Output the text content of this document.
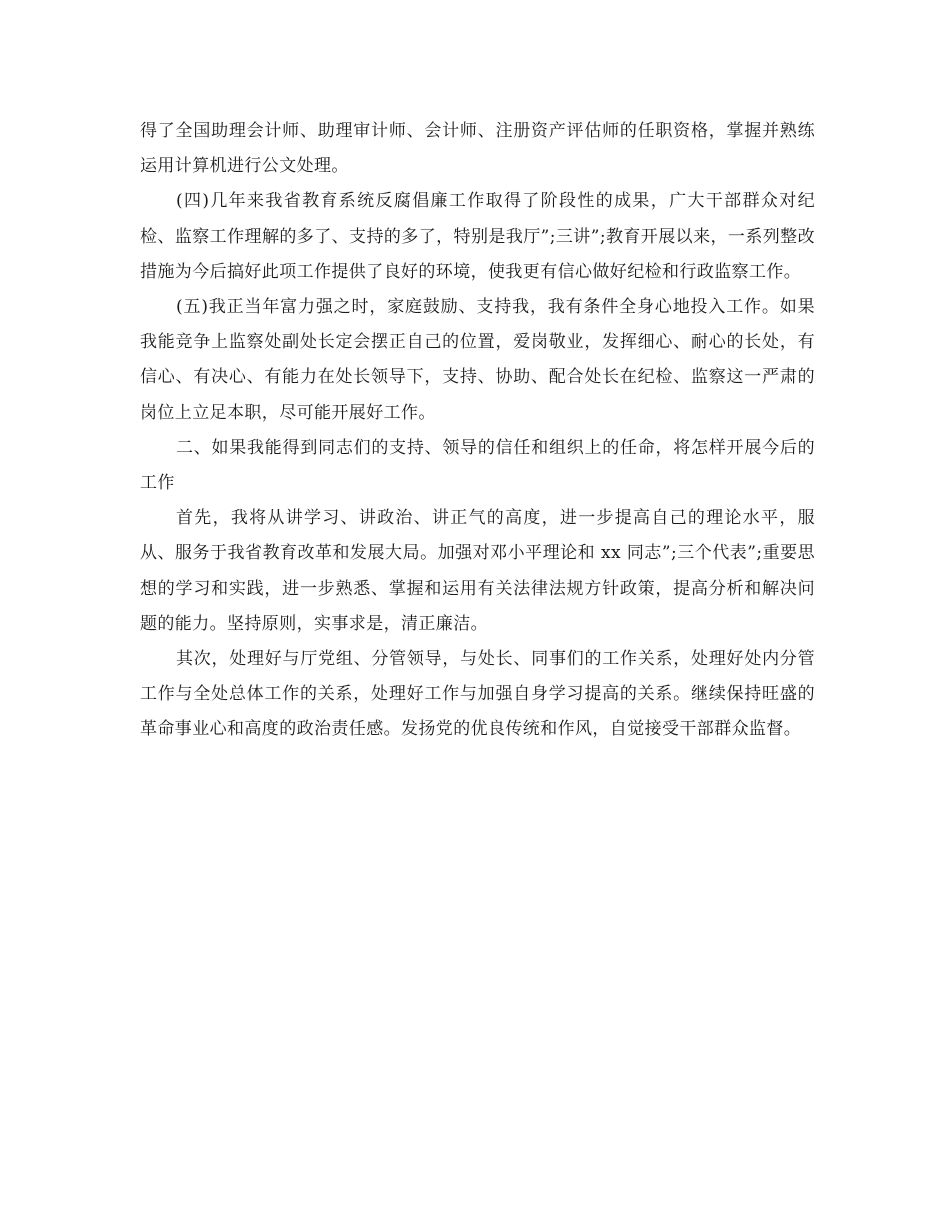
得了全国助理会计师、助理审计师、会计师、注册资产评估师的任职资格，掌握并熟练运用计算机进行公文处理。

(四)几年来我省教育系统反腐倡廉工作取得了阶段性的成果，广大干部群众对纪检、监察工作理解的多了、支持的多了，特别是我厅”;三讲”;教育开展以来，一系列整改措施为今后搞好此项工作提供了良好的环境，使我更有信心做好纪检和行政监察工作。

(五)我正当年富力强之时，家庭鼓励、支持我，我有条件全身心地投入工作。如果我能竞争上监察处副处长定会摆正自己的位置，爱岗敬业，发挥细心、耐心的长处，有信心、有决心、有能力在处长领导下，支持、协助、配合处长在纪检、监察这一严肃的岗位上立足本职，尽可能开展好工作。

二、如果我能得到同志们的支持、领导的信任和组织上的任命，将怎样开展今后的工作

首先，我将从讲学习、讲政治、讲正气的高度，进一步提高自己的理论水平，服从、服务于我省教育改革和发展大局。加强对邓小平理论和 xx 同志”;三个代表”;重要思想的学习和实践，进一步熟悉、掌握和运用有关法律法规方针政策，提高分析和解决问题的能力。坚持原则，实事求是，清正廉洁。

其次，处理好与厅党组、分管领导，与处长、同事们的工作关系，处理好处内分管工作与全处总体工作的关系，处理好工作与加强自身学习提高的关系。继续保持旺盛的革命事业心和高度的政治责任感。发扬党的优良传统和作风，自觉接受干部群众监督。
